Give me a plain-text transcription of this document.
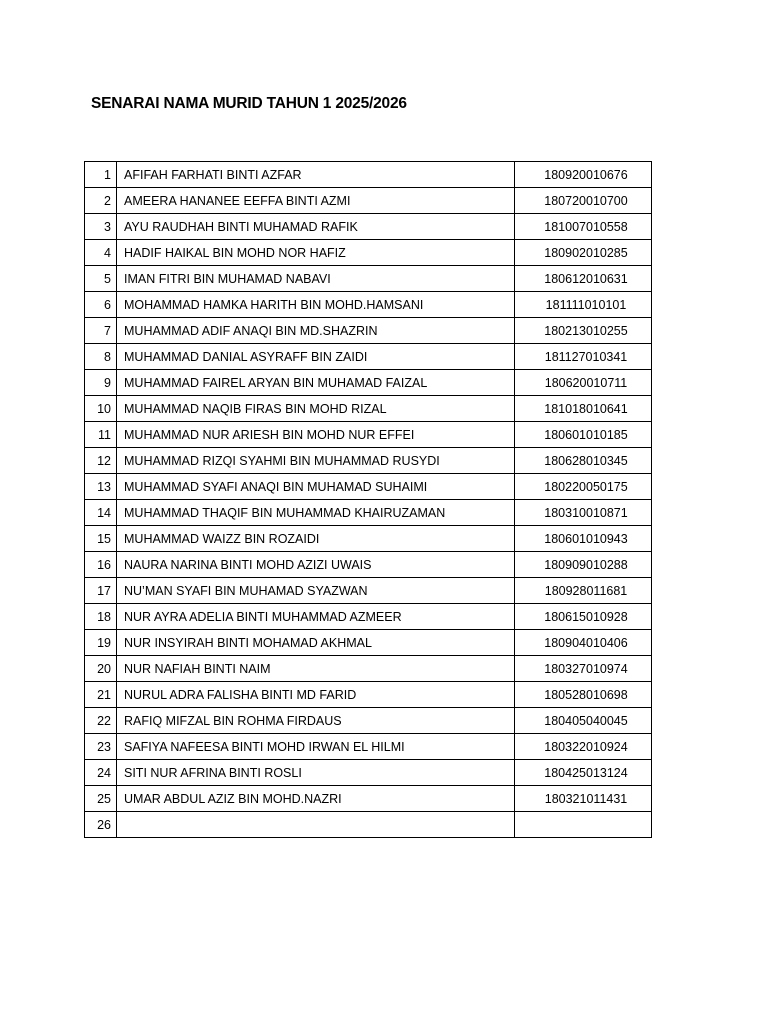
SENARAI NAMA MURID TAHUN 1 2025/2026
1	AFIFAH FARHATI BINTI AZFAR	180920010676
2	AMEERA HANANEE EEFFA BINTI AZMI	180720010700
3	AYU RAUDHAH BINTI MUHAMAD RAFIK	181007010558
4	HADIF HAIKAL BIN MOHD NOR HAFIZ	180902010285
5	IMAN FITRI BIN MUHAMAD NABAVI	180612010631
6	MOHAMMAD HAMKA HARITH BIN MOHD.HAMSANI	181111010101
7	MUHAMMAD ADIF ANAQI BIN MD.SHAZRIN	180213010255
8	MUHAMMAD DANIAL ASYRAFF BIN ZAIDI	181127010341
9	MUHAMMAD FAIREL ARYAN BIN MUHAMAD FAIZAL	180620010711
10	MUHAMMAD NAQIB FIRAS BIN MOHD RIZAL	181018010641
11	MUHAMMAD NUR ARIESH BIN MOHD NUR EFFEI	180601010185
12	MUHAMMAD RIZQI SYAHMI BIN MUHAMMAD RUSYDI	180628010345
13	MUHAMMAD SYAFI ANAQI BIN MUHAMAD SUHAIMI	180220050175
14	MUHAMMAD THAQIF BIN MUHAMMAD KHAIRUZAMAN	180310010871
15	MUHAMMAD WAIZZ BIN ROZAIDI	180601010943
16	NAURA NARINA BINTI MOHD AZIZI UWAIS	180909010288
17	NU’MAN SYAFI BIN MUHAMAD SYAZWAN	180928011681
18	NUR AYRA ADELIA BINTI MUHAMMAD AZMEER	180615010928
19	NUR INSYIRAH BINTI MOHAMAD AKHMAL	180904010406
20	NUR NAFIAH BINTI NAIM	180327010974
21	NURUL ADRA FALISHA BINTI MD FARID	180528010698
22	RAFIQ MIFZAL BIN ROHMA FIRDAUS	180405040045
23	SAFIYA NAFEESA BINTI MOHD IRWAN EL HILMI	180322010924
24	SITI NUR AFRINA BINTI ROSLI	180425013124
25	UMAR ABDUL AZIZ BIN MOHD.NAZRI	180321011431
26		
